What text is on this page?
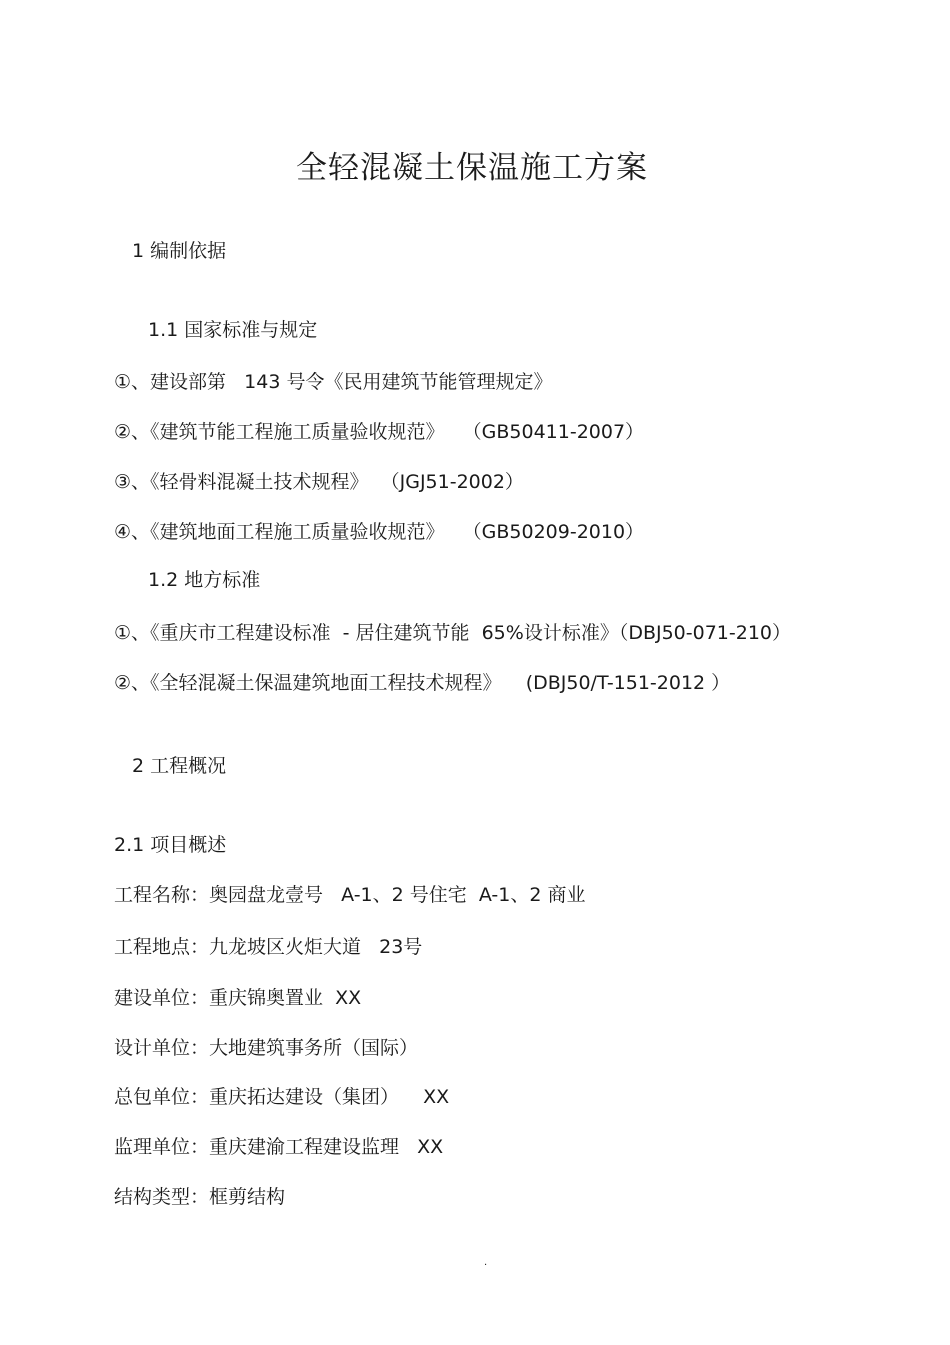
全轻混凝土保温施工方案
1 编制依据
1.1 国家标准与规定
①、建设部第   143 号令《民用建筑节能管理规定》
②、《建筑节能工程施工质量验收规范》   （GB50411-2007）
③、《轻骨料混凝土技术规程》  （JGJ51-2002）
④、《建筑地面工程施工质量验收规范》   （GB50209-2010）
1.2 地方标准
①、《重庆市工程建设标准  - 居住建筑节能  65%设计标准》（DBJ50-071-210）
②、《全轻混凝土保温建筑地面工程技术规程》    (DBJ50/T-151-2012 ）
2 工程概况
2.1 项目概述
工程名称：奥园盘龙壹号   A-1、2 号住宅  A-1、2 商业
工程地点：九龙坡区火炬大道   23号
建设单位：重庆锦奥置业  XX
设计单位：大地建筑事务所（国际）
总包单位：重庆拓达建设（集团）    XX
监理单位：重庆建渝工程建设监理   XX
结构类型：框剪结构
.
